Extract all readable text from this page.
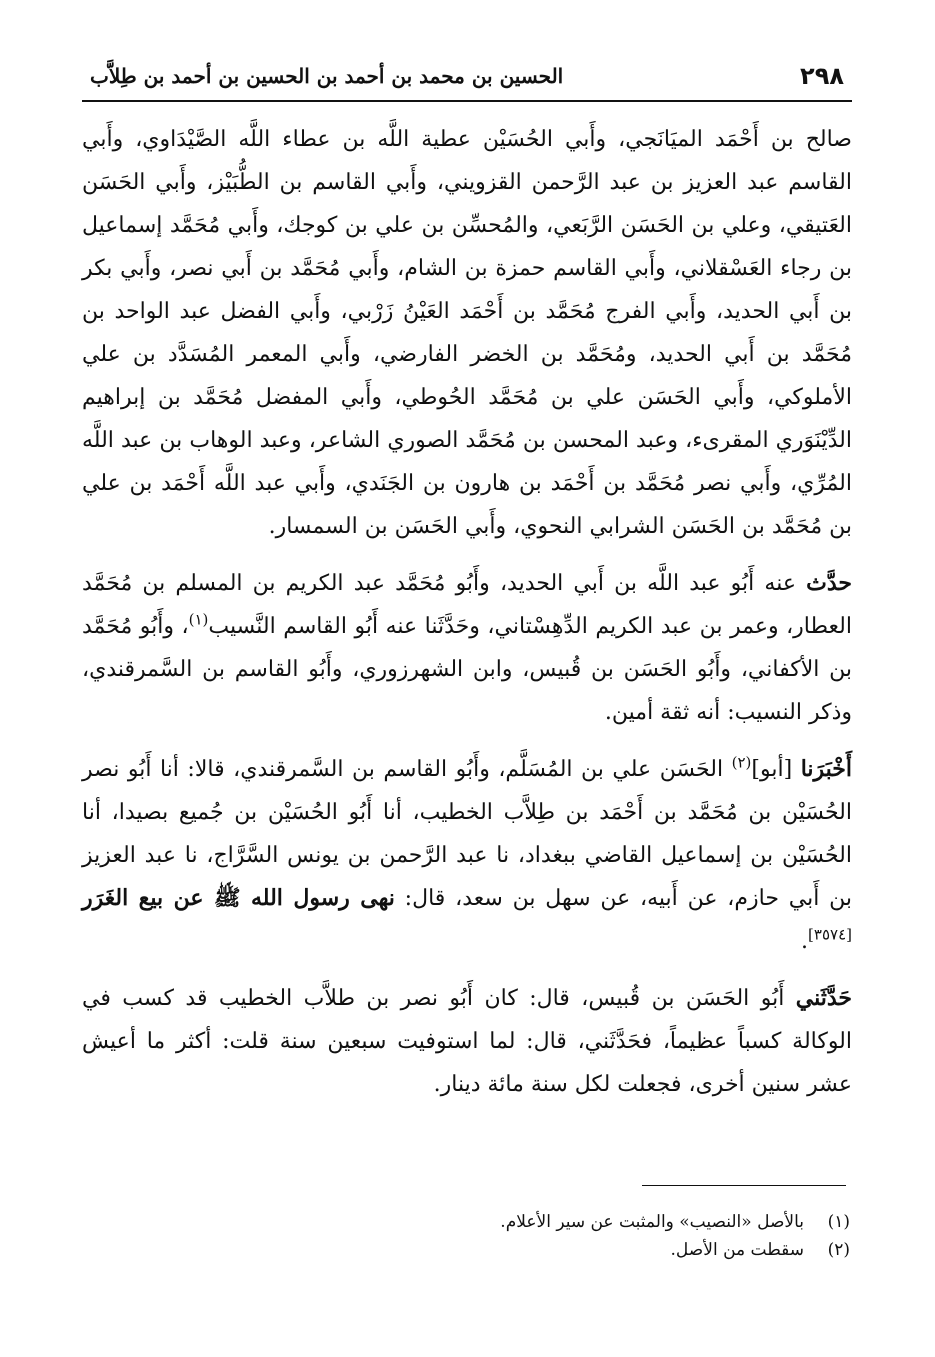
٢٩٨
الحسين بن محمد بن أحمد بن الحسين بن أحمد بن طِلاَّب

صالح بن أَحْمَد الميَانَجي، وأَبي الحُسَيْن عطية اللَّه بن عطاء اللَّه الصَّيْدَاوي، وأَبي القاسم عبد العزيز بن عبد الرَّحمن القزويني، وأَبي القاسم بن الطُّبَيْز، وأَبي الحَسَن العَتيقي، وعلي بن الحَسَن الرَّبَعي، والمُحسِّن بن علي بن كوجك، وأَبي مُحَمَّد إسماعيل بن رجاء العَسْقلاني، وأَبي القاسم حمزة بن الشام، وأَبي مُحَمَّد بن أَبي نصر، وأَبي بكر بن أَبي الحديد، وأَبي الفرج مُحَمَّد بن أَحْمَد العَيْنُ زَرْبي، وأَبي الفضل عبد الواحد بن مُحَمَّد بن أَبي الحديد، ومُحَمَّد بن الخضر الفارضي، وأَبي المعمر المُسَدَّد بن علي الأملوكي، وأَبي الحَسَن علي بن مُحَمَّد الحُوطي، وأَبي المفضل مُحَمَّد بن إبراهيم الدِّيْنَوَري المقرىء، وعبد المحسن بن مُحَمَّد الصوري الشاعر، وعبد الوهاب بن عبد اللَّه المُرِّي، وأَبي نصر مُحَمَّد بن أَحْمَد بن هارون بن الجَنَدي، وأَبي عبد اللَّه أَحْمَد بن علي بن مُحَمَّد بن الحَسَن الشرابي النحوي، وأَبي الحَسَن بن السمسار.

حدَّث عنه أَبُو عبد اللَّه بن أَبي الحديد، وأَبُو مُحَمَّد عبد الكريم بن المسلم بن مُحَمَّد العطار، وعمر بن عبد الكريم الدِّهِسْتاني، وحَدَّثَنا عنه أَبُو القاسم النَّسيب$^{(١)}$، وأَبُو مُحَمَّد بن الأكفاني، وأَبُو الحَسَن بن قُبيس، وابن الشهرزوري، وأَبُو القاسم بن السَّمرقندي، وذكر النسيب: أنه ثقة أمين.

أَخْبَرَنا [أبو]$^{(٢)}$ الحَسَن علي بن المُسَلَّم، وأَبُو القاسم بن السَّمرقندي، قالا: أنا أَبُو نصر الحُسَيْن بن مُحَمَّد بن أَحْمَد بن طِلاَّب الخطيب، أنا أَبُو الحُسَيْن بن جُميع بصيدا، أنا الحُسَيْن بن إسماعيل القاضي ببغداد، نا عبد الرَّحمن بن يونس السَّرَّاج، نا عبد العزيز بن أَبي حازم، عن أَبيه، عن سهل بن سعد، قال: نهى رسول الله ﷺ عن بيع الغَرَر [٣٥٧٤].

حَدَّثَني أَبُو الحَسَن بن قُبيس، قال: كان أَبُو نصر بن طلاَّب الخطيب قد كسب في الوكالة كسباً عظيماً، فحَدَّثَني، قال: لما استوفيت سبعين سنة قلت: أكثر ما أعيش عشر سنين أخرى، فجعلت لكل سنة مائة دينار.

(١)بالأصل «النصيب» والمثبت عن سير الأعلام.
(٢)سقطت من الأصل.
